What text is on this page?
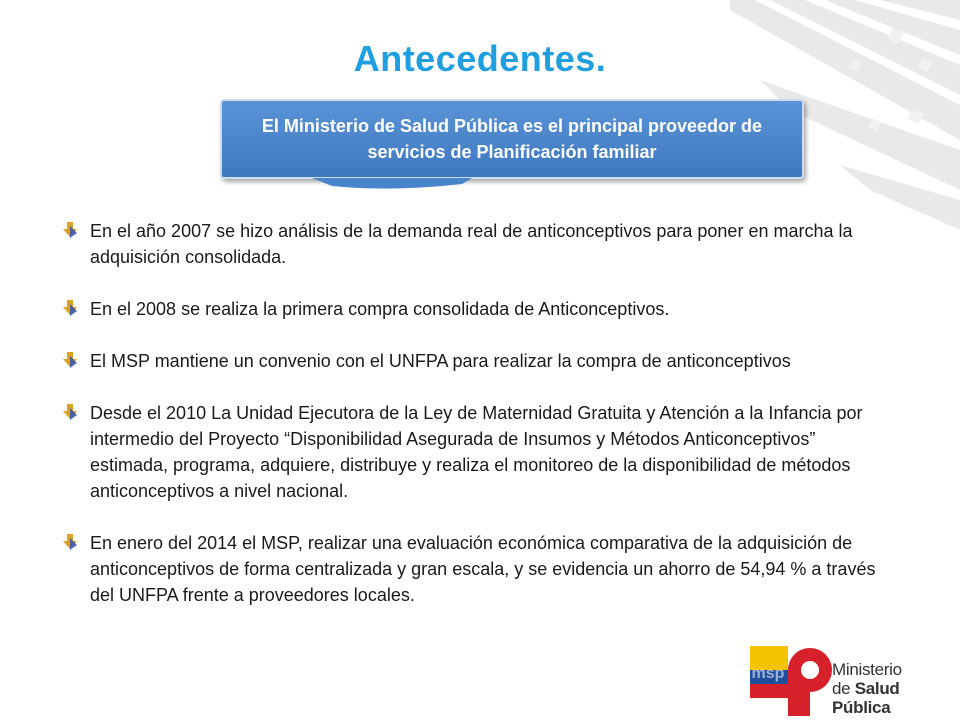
Antecedentes.
El Ministerio de Salud Pública es el principal proveedor de servicios de Planificación familiar
En el año 2007 se hizo análisis de la demanda real de anticonceptivos para poner en marcha la adquisición consolidada.
En el 2008 se realiza la primera compra consolidada de Anticonceptivos.
El MSP mantiene un convenio con el UNFPA para realizar la compra de anticonceptivos
Desde el 2010 La Unidad Ejecutora de la Ley de Maternidad Gratuita y Atención a la Infancia por intermedio del Proyecto “Disponibilidad Asegurada de Insumos y Métodos Anticonceptivos” estimada, programa, adquiere, distribuye y realiza el monitoreo de la disponibilidad de métodos anticonceptivos a nivel nacional.
En enero del 2014 el MSP, realizar una evaluación económica comparativa de la adquisición de anticonceptivos de forma centralizada y gran escala, y se evidencia un ahorro de 54,94 % a través del UNFPA frente a proveedores locales.
msp	Ministerio
de Salud Pública
